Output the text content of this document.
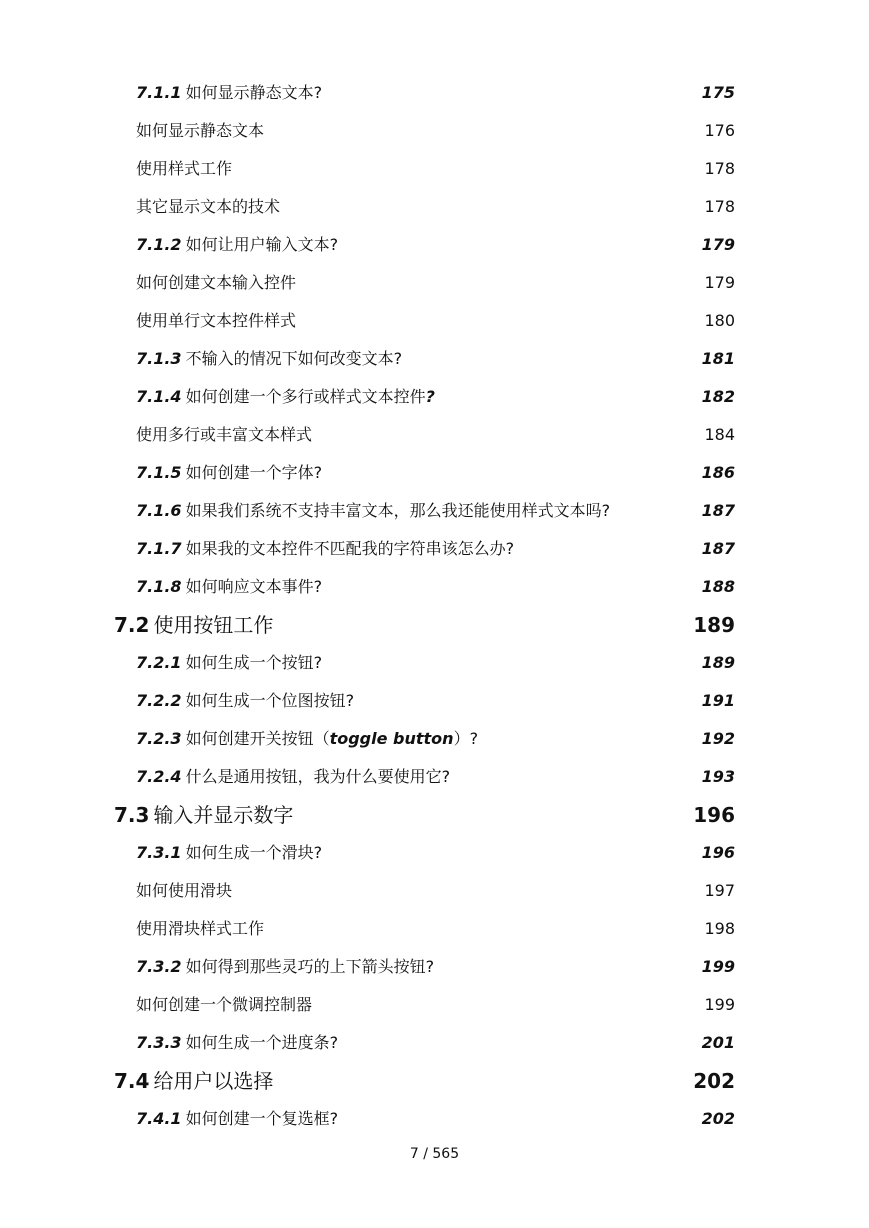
7.1.1 如何显示静态文本?	175
如何显示静态文本	176
使用样式工作	178
其它显示文本的技术	178
7.1.2 如何让用户输入文本?	179
如何创建文本输入控件	179
使用单行文本控件样式	180
7.1.3 不输入的情况下如何改变文本?	181
7.1.4 如何创建一个多行或样式文本控件?	182
使用多行或丰富文本样式	184
7.1.5 如何创建一个字体?	186
7.1.6 如果我们系统不支持丰富文本，那么我还能使用样式文本吗?	187
7.1.7 如果我的文本控件不匹配我的字符串该怎么办?	187
7.1.8 如何响应文本事件?	188
7.2 使用按钮工作	189
7.2.1 如何生成一个按钮?	189
7.2.2 如何生成一个位图按钮?	191
7.2.3 如何创建开关按钮（toggle button）?	192
7.2.4 什么是通用按钮，我为什么要使用它?	193
7.3 输入并显示数字	196
7.3.1 如何生成一个滑块?	196
如何使用滑块	197
使用滑块样式工作	198
7.3.2 如何得到那些灵巧的上下箭头按钮?	199
如何创建一个微调控制器	199
7.3.3 如何生成一个进度条?	201
7.4 给用户以选择	202
7.4.1 如何创建一个复选框?	202
7 / 565
